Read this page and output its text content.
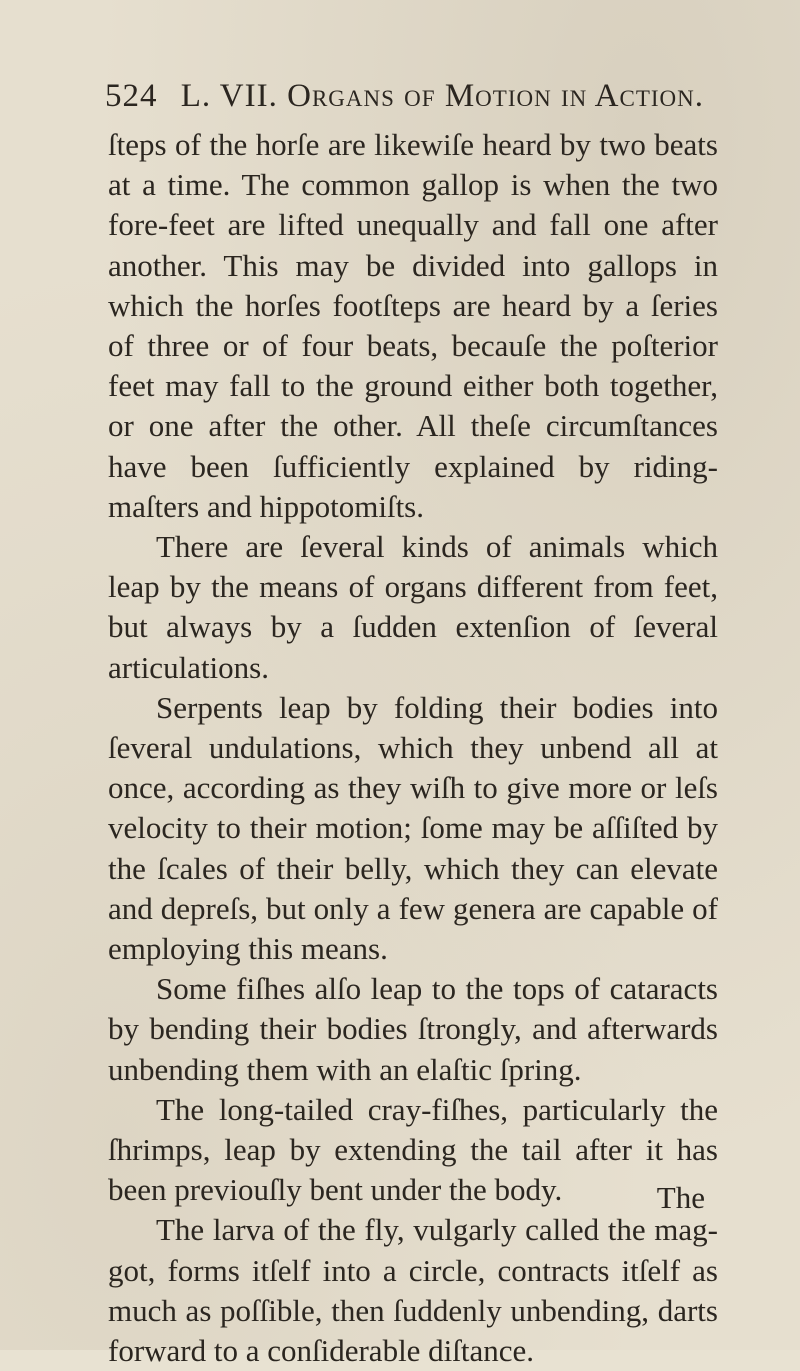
524 L. VII. Organs of Motion in Action.

ſteps of the horſe are likewiſe heard by two beats at a time. The common gallop is when the two fore-feet are lifted unequally and fall one after another. This may be divided into gallops in which the horſes footſteps are heard by a ſeries of three or of four beats, becauſe the poſterior feet may fall to the ground either both together, or one after the other. All theſe circumſtances have been ſufficiently explained by riding-maſters and hippotomiſts.

There are ſeveral kinds of animals which leap by the means of organs different from feet, but always by a ſudden extenſion of ſeveral articulations.

Serpents leap by folding their bodies into ſeveral undulations, which they unbend all at once, according as they wiſh to give more or leſs velocity to their motion; ſome may be aſſiſted by the ſcales of their belly, which they can elevate and depreſs, but only a few genera are capable of employing this means.

Some fiſhes alſo leap to the tops of cataracts by bending their bodies ſtrongly, and afterwards unbending them with an elaſtic ſpring.

The long-tailed cray-fiſhes, particularly the ſhrimps, leap by extending the tail after it has been previouſly bent under the body.

The larva of the fly, vulgarly called the mag-got, forms itſelf into a circle, contracts itſelf as much as poſſible, then ſuddenly unbending, darts forward to a conſiderable diſtance.

The
